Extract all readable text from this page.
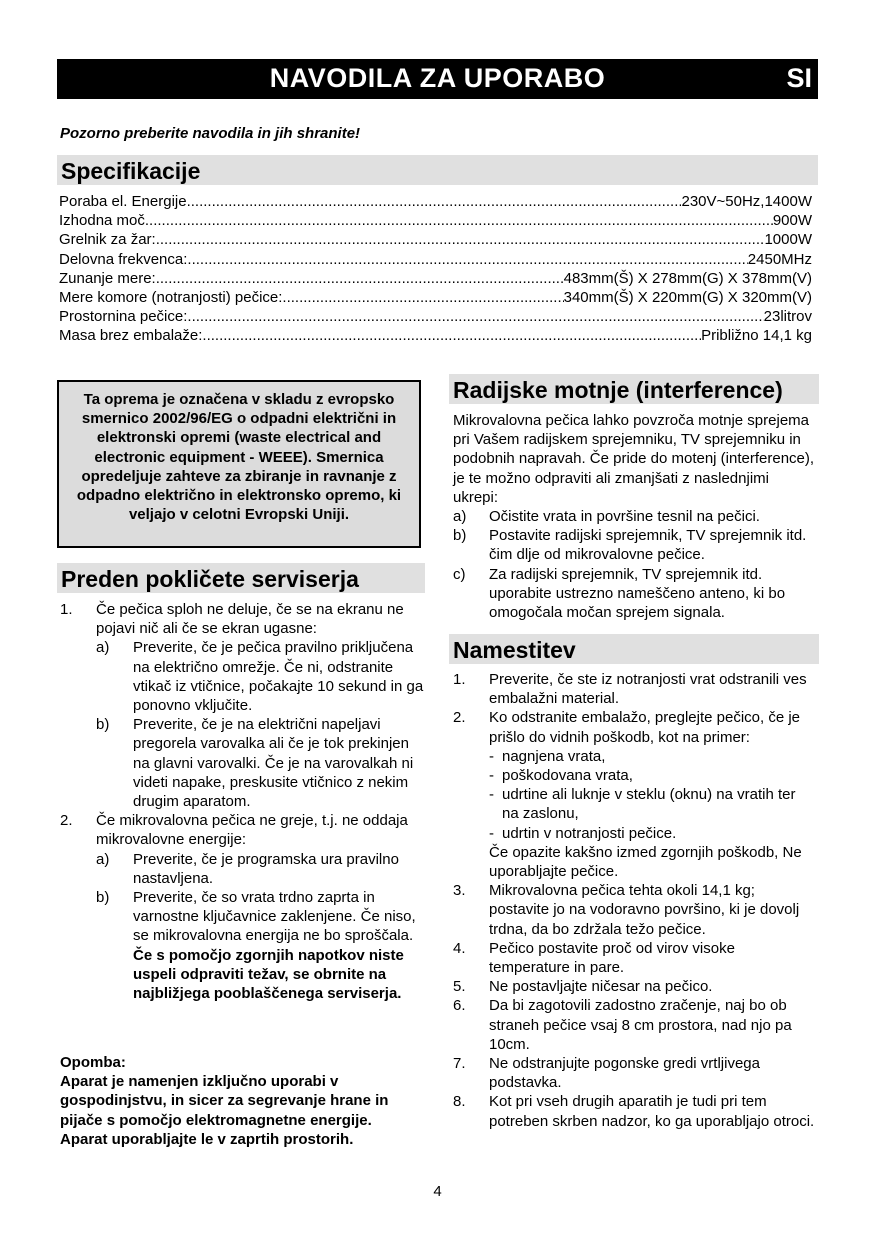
NAVODILA ZA UPORABO	SI
Pozorno preberite navodila in jih shranite!
Specifikacije
Poraba el. Energije .....	230V~50Hz,1400W
Izhodna moč .....	900W
Grelnik za žar: .....	1000W
Delovna frekvenca: .....	2450MHz
Zunanje mere: .....	483mm(Š) X 278mm(G) X 378mm(V)
Mere komore (notranjosti) pečice: .....	340mm(Š) X 220mm(G) X 320mm(V)
Prostornina pečice: .....	23litrov
Masa brez embalaže: .....	Približno 14,1 kg
Ta oprema je označena v skladu z evropsko smernico 2002/96/EG o odpadni električni in elektronski opremi (waste electrical and electronic equipment - WEEE). Smernica opredeljuje zahteve za zbiranje in ravnanje z odpadno električno in elektronsko opremo, ki veljajo v celotni Evropski Uniji.
Preden pokličete serviserja
1.	Če pečica sploh ne deluje, če se na ekranu ne pojavi nič ali če se ekran ugasne:
a)	Preverite, če je pečica pravilno priključena na električno omrežje. Če ni, odstranite vtikač iz vtičnice, počakajte 10 sekund in ga ponovno vključite.
b)	Preverite, če je na električni napeljavi pregorela varovalka ali če je tok prekinjen na glavni varovalki. Če je na varovalkah ni videti napake, preskusite vtičnico z nekim drugim aparatom.
2.	Če mikrovalovna pečica ne greje, t.j. ne oddaja mikrovalovne energije:
a)	Preverite, če je programska ura pravilno nastavljena.
b)	Preverite, če so vrata trdno zaprta in varnostne ključavnice zaklenjene. Če niso, se mikrovalovna energija ne bo sproščala.
Če s pomočjo zgornjih napotkov niste uspeli odpraviti težav, se obrnite na najbližjega pooblaščenega serviserja.
Opomba:
Aparat je namenjen izključno uporabi v gospodinjstvu, in sicer za segrevanje hrane in pijače s pomočjo elektromagnetne energije. Aparat uporabljajte le v zaprtih prostorih.
Radijske motnje (interference)
Mikrovalovna pečica lahko povzroča motnje sprejema pri Vašem radijskem sprejemniku, TV sprejemniku in podobnih napravah. Če pride do motenj (interference), je te možno odpraviti ali zmanjšati z naslednjimi ukrepi:
a)	Očistite vrata in površine tesnil na pečici.
b)	Postavite radijski sprejemnik, TV sprejemnik itd. čim dlje od mikrovalovne pečice.
c)	Za radijski sprejemnik, TV sprejemnik itd. uporabite ustrezno nameščeno anteno, ki bo omogočala močan sprejem signala.
Namestitev
1.	Preverite, če ste iz notranjosti vrat odstranili ves embalažni material.
2.	Ko odstranite embalažo, preglejte pečico, če je prišlo do vidnih poškodb, kot na primer:
- nagnjena vrata,
- poškodovana vrata,
- udrtine ali luknje v steklu (oknu) na vratih ter na zaslonu,
- udrtin v notranjosti pečice.
Če opazite kakšno izmed zgornjih poškodb, Ne uporabljajte pečice.
3.	Mikrovalovna pečica tehta okoli 14,1 kg; postavite jo na vodoravno površino, ki je dovolj trdna, da bo zdržala težo pečice.
4.	Pečico postavite proč od virov visoke temperature in pare.
5.	Ne postavljajte ničesar na pečico.
6.	Da bi zagotovili zadostno zračenje, naj bo ob straneh pečice vsaj 8 cm prostora, nad njo pa 10cm.
7.	Ne odstranjujte pogonske gredi vrtljivega podstavka.
8.	Kot pri vseh drugih aparatih je tudi pri tem potreben skrben nadzor, ko ga uporabljajo otroci.
4
